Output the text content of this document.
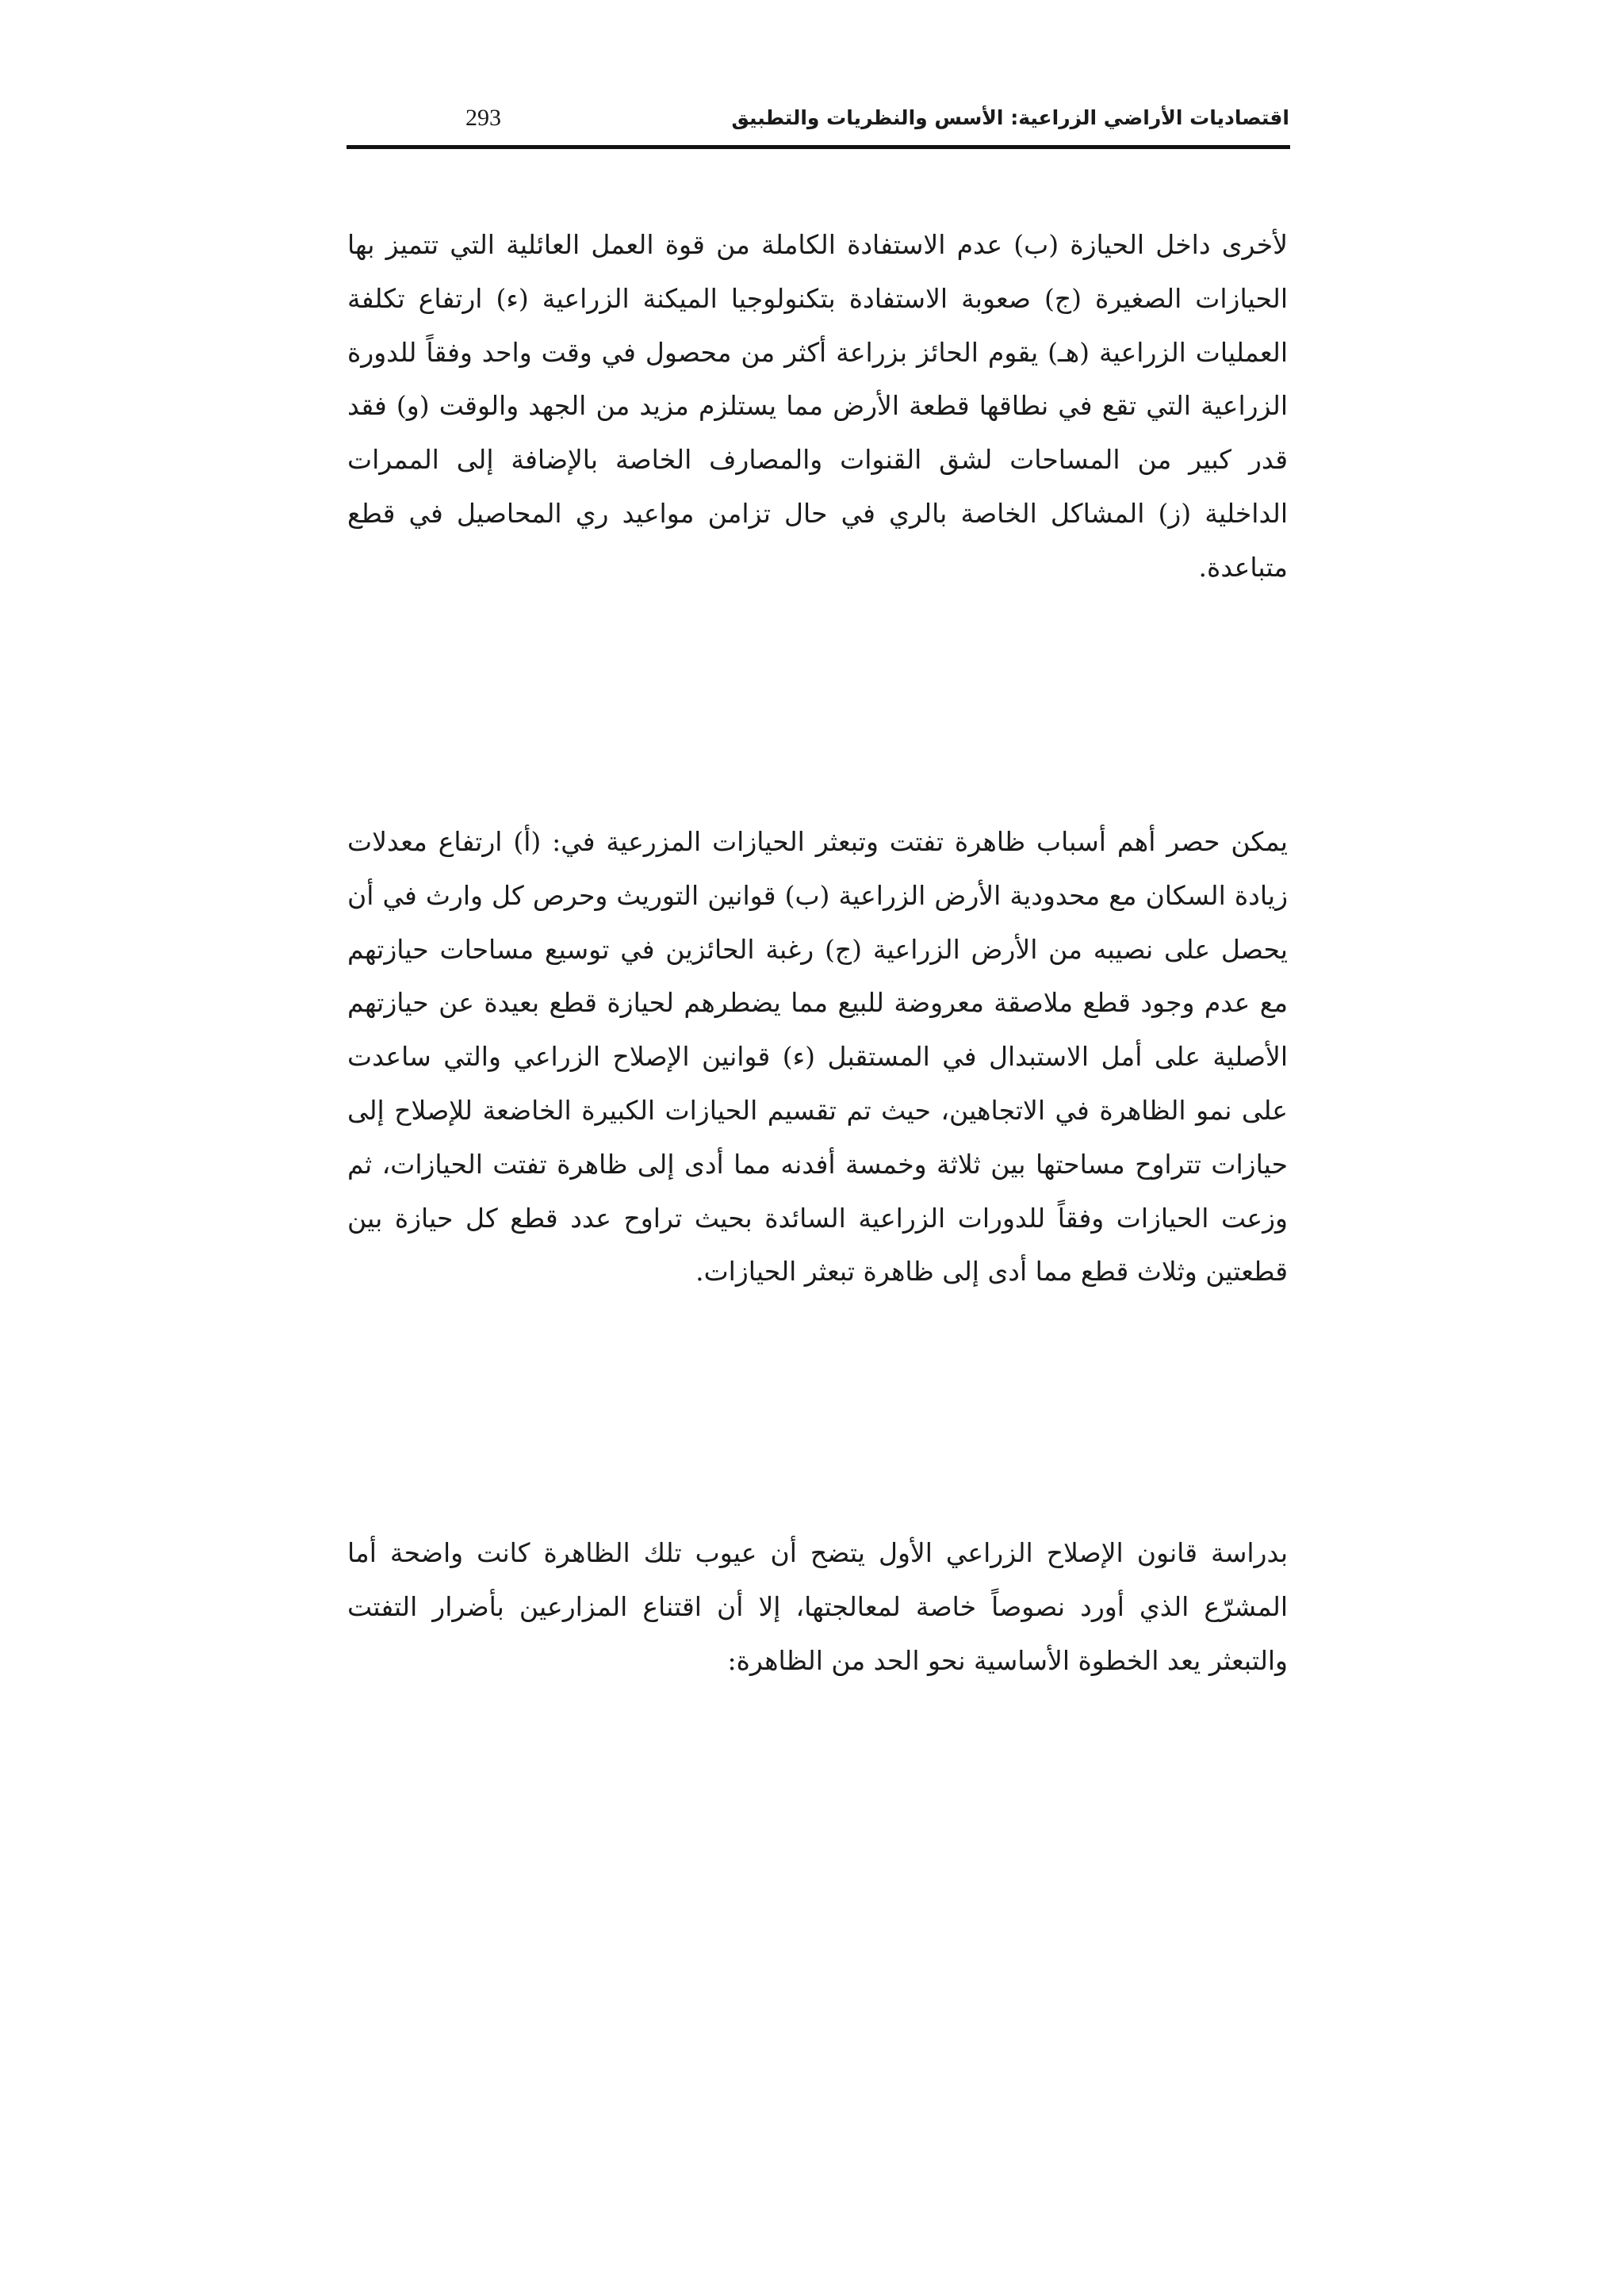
اقتصاديات الأراضي الزراعية: الأسس والنظريات والتطبيق
293

لأخرى داخل الحيازة (ب) عدم الاستفادة الكاملة من قوة العمل العائلية التي تتميز بها الحيازات الصغيرة (ج) صعوبة الاستفادة بتكنولوجيا الميكنة الزراعية (ء) ارتفاع تكلفة العمليات الزراعية (هـ) يقوم الحائز بزراعة أكثر من محصول في وقت واحد وفقاً للدورة الزراعية التي تقع في نطاقها قطعة الأرض مما يستلزم مزيد من الجهد والوقت (و) فقد قدر كبير من المساحات لشق القنوات والمصارف الخاصة بالإضافة إلى الممرات الداخلية (ز) المشاكل الخاصة بالري في حال تزامن مواعيد ري المحاصيل في قطع متباعدة.

يمكن حصر أهم أسباب ظاهرة تفتت وتبعثر الحيازات المزرعية في: (أ) ارتفاع معدلات زيادة السكان مع محدودية الأرض الزراعية (ب) قوانين التوريث وحرص كل وارث في أن يحصل على نصيبه من الأرض الزراعية (ج) رغبة الحائزين في توسيع مساحات حيازتهم مع عدم وجود قطع ملاصقة معروضة للبيع مما يضطرهم لحيازة قطع بعيدة عن حيازتهم الأصلية على أمل الاستبدال في المستقبل (ء) قوانين الإصلاح الزراعي والتي ساعدت على نمو الظاهرة في الاتجاهين، حيث تم تقسيم الحيازات الكبيرة الخاضعة للإصلاح إلى حيازات تتراوح مساحتها بين ثلاثة وخمسة أفدنه مما أدى إلى ظاهرة تفتت الحيازات، ثم وزعت الحيازات وفقاً للدورات الزراعية السائدة بحيث تراوح عدد قطع كل حيازة بين قطعتين وثلاث قطع مما أدى إلى ظاهرة تبعثر الحيازات.

بدراسة قانون الإصلاح الزراعي الأول يتضح أن عيوب تلك الظاهرة كانت واضحة أما المشرّع الذي أورد نصوصاً خاصة لمعالجتها، إلا أن اقتناع المزارعين بأضرار التفتت والتبعثر يعد الخطوة الأساسية نحو الحد من الظاهرة:
